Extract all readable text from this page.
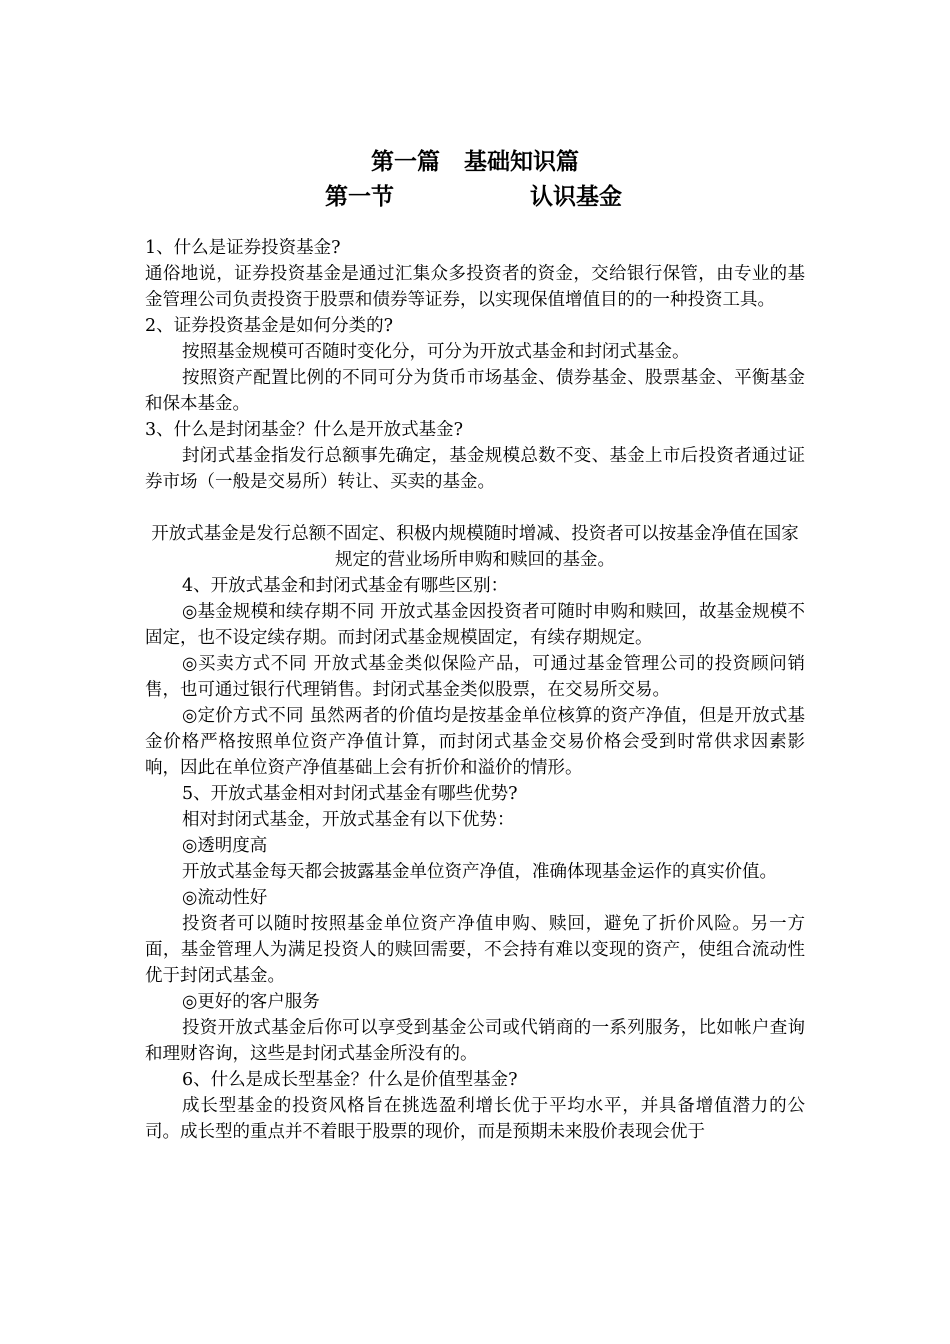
第一篇 基础知识篇
第一节	认识基金

1、什么是证券投资基金?

通俗地说，证券投资基金是通过汇集众多投资者的资金，交给银行保管，由专业的基金管理公司负责投资于股票和债券等证券，以实现保值增值目的的一种投资工具。

2、证券投资基金是如何分类的?

按照基金规模可否随时变化分，可分为开放式基金和封闭式基金。

按照资产配置比例的不同可分为货币市场基金、债券基金、股票基金、平衡基金和保本基金。

3、什么是封闭基金？什么是开放式基金?

封闭式基金指发行总额事先确定，基金规模总数不变、基金上市后投资者通过证券市场（一般是交易所）转让、买卖的基金。

开放式基金是发行总额不固定、积极内规模随时增减、投资者可以按基金净值在国家规定的营业场所申购和赎回的基金。

4、开放式基金和封闭式基金有哪些区别：

◎基金规模和续存期不同 开放式基金因投资者可随时申购和赎回，故基金规模不固定，也不设定续存期。而封闭式基金规模固定，有续存期规定。

◎买卖方式不同 开放式基金类似保险产品，可通过基金管理公司的投资顾问销售，也可通过银行代理销售。封闭式基金类似股票，在交易所交易。

◎定价方式不同 虽然两者的价值均是按基金单位核算的资产净值，但是开放式基金价格严格按照单位资产净值计算，而封闭式基金交易价格会受到时常供求因素影响，因此在单位资产净值基础上会有折价和溢价的情形。

5、开放式基金相对封闭式基金有哪些优势?

相对封闭式基金，开放式基金有以下优势：

◎透明度高

开放式基金每天都会披露基金单位资产净值，准确体现基金运作的真实价值。

◎流动性好

投资者可以随时按照基金单位资产净值申购、赎回，避免了折价风险。另一方面，基金管理人为满足投资人的赎回需要，不会持有难以变现的资产，使组合流动性优于封闭式基金。

◎更好的客户服务

投资开放式基金后你可以享受到基金公司或代销商的一系列服务，比如帐户查询和理财咨询，这些是封闭式基金所没有的。

6、什么是成长型基金？什么是价值型基金?

成长型基金的投资风格旨在挑选盈利增长优于平均水平，并具备增值潜力的公司。成长型的重点并不着眼于股票的现价，而是预期未来股价表现会优于
